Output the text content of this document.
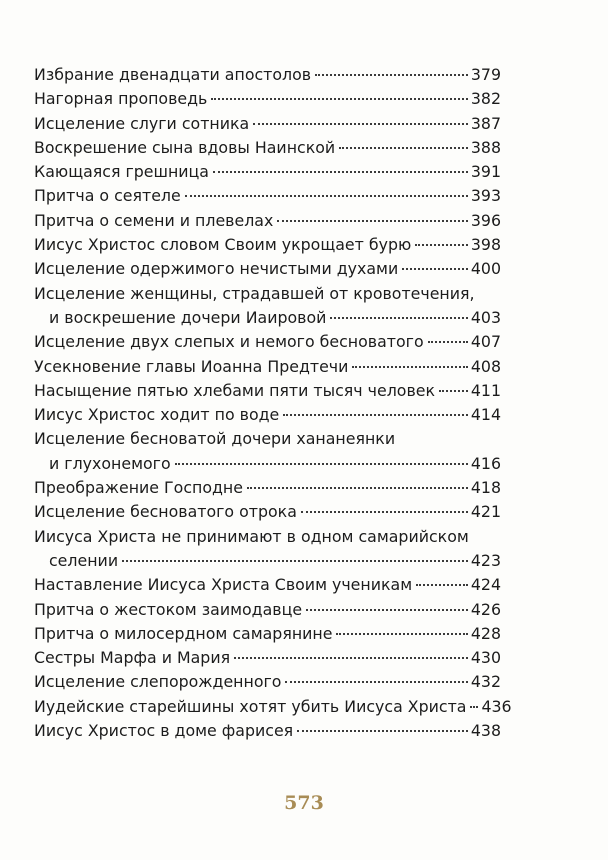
Избрание двенадцати апостолов	379
Нагорная проповедь	382
Исцеление слуги сотника	387
Воскрешение сына вдовы Наинской	388
Кающаяся грешница	391
Притча о сеятеле	393
Притча о семени и плевелах	396
Иисус Христос словом Своим укрощает бурю	398
Исцеление одержимого нечистыми духами	400
Исцеление женщины, страдавшей от кровотечения,
и воскрешение дочери Иаировой	403
Исцеление двух слепых и немого бесноватого	407
Усекновение главы Иоанна Предтечи	408
Насыщение пятью хлебами пяти тысяч человек 411
Иисус Христос ходит по воде	414
Исцеление бесноватой дочери хананеянки
и глухонемого	416
Преображение Господне	418
Исцеление бесноватого отрока	421
Иисуса Христа не принимают в одном самарийском
селении	423
Наставление Иисуса Христа Своим ученикам	424
Притча о жестоком заимодавце	426
Притча о милосердном самарянине	428
Сестры Марфа и Мария	430
Исцеление слепорожденного	432
Иудейские старейшины хотят убить Иисуса Христа 436
Иисус Христос в доме фарисея	438
573
